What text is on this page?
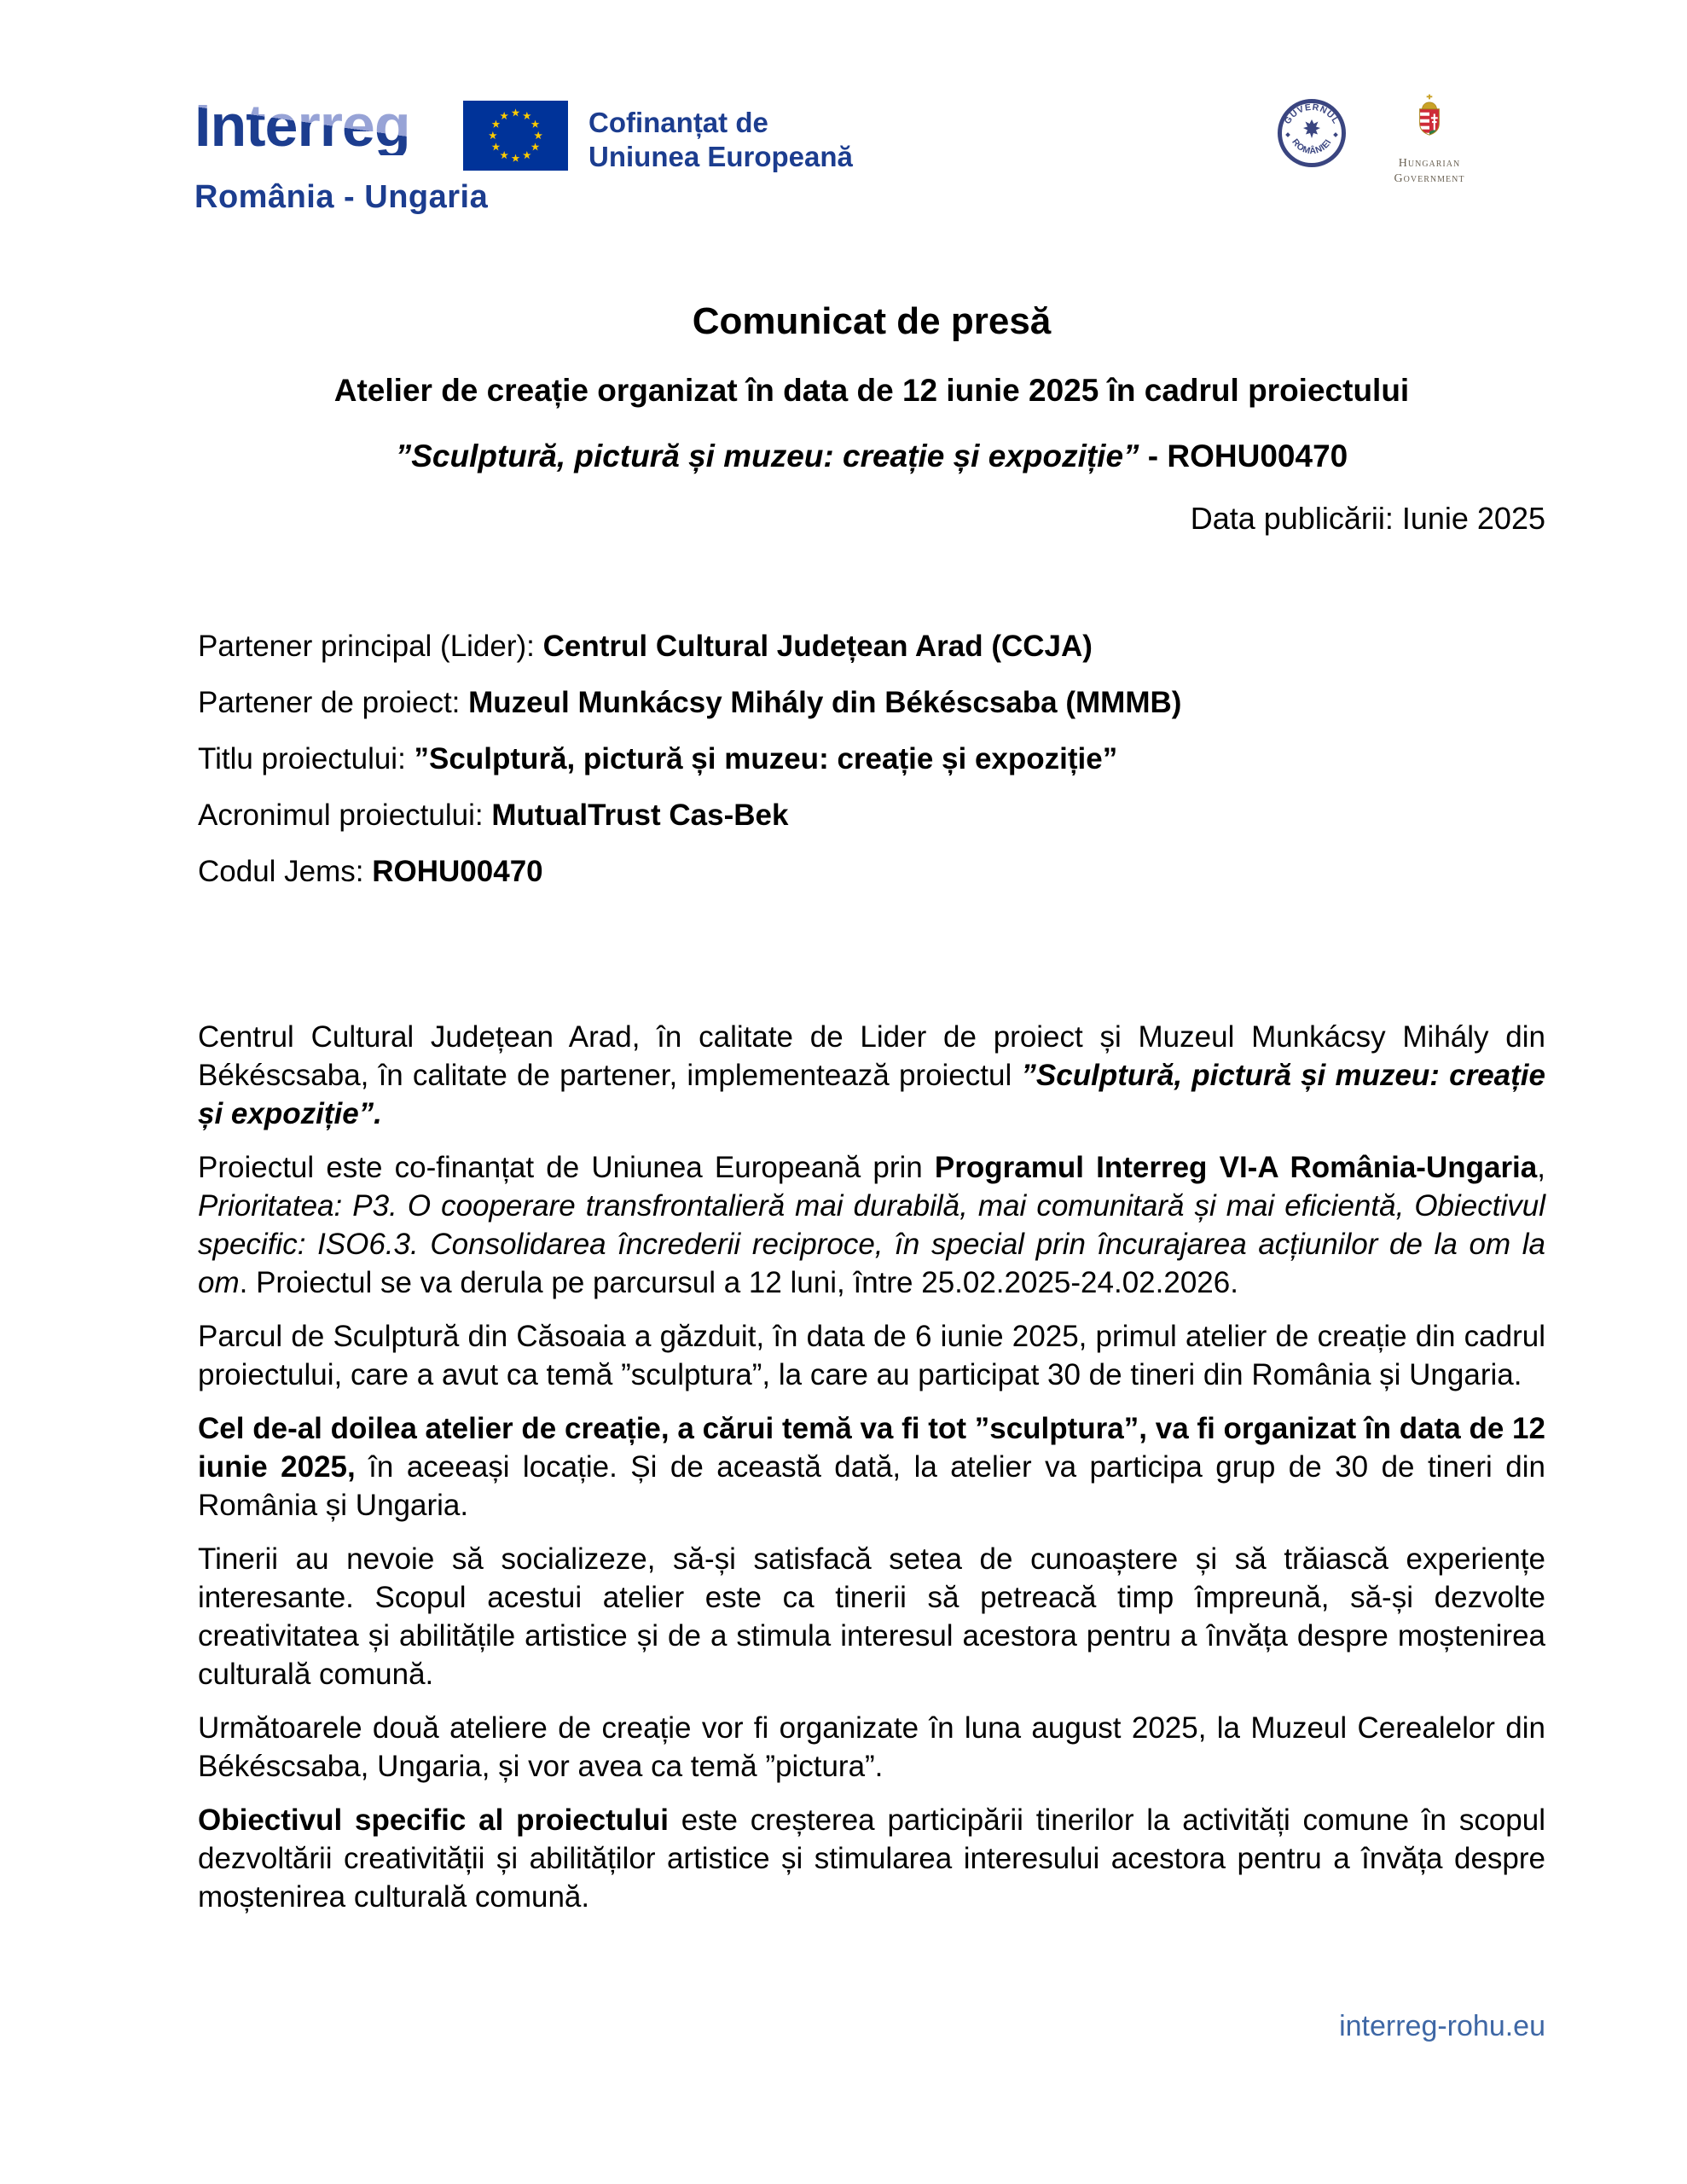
Interreg
România - Ungaria
Cofinanțat de
Uniunea Europeană
GUVERNUL
ROMÂNIEI
Hungarian
Government
Comunicat de presă
Atelier de creație organizat în data de 12 iunie 2025 în cadrul proiectului
”Sculptură, pictură și muzeu: creație și expoziție” - ROHU00470
Data publicării: Iunie 2025

Partener principal (Lider): Centrul Cultural Județean Arad (CCJA)

Partener de proiect: Muzeul Munkácsy Mihály din Békéscsaba (MMMB)

Titlu proiectului: ”Sculptură, pictură și muzeu: creație și expoziție”

Acronimul proiectului: MutualTrust Cas-Bek

Codul Jems: ROHU00470

Centrul Cultural Județean Arad, în calitate de Lider de proiect și Muzeul Munkácsy Mihály din Békéscsaba, în calitate de partener, implementează proiectul ”Sculptură, pictură și muzeu: creație și expoziție”.

Proiectul este co-finanțat de Uniunea Europeană prin Programul Interreg VI-A România-Ungaria, Prioritatea: P3. O cooperare transfrontalieră mai durabilă, mai comunitară și mai eficientă, Obiectivul specific: ISO6.3. Consolidarea încrederii reciproce, în special prin încurajarea acțiunilor de la om la om. Proiectul se va derula pe parcursul a 12 luni, între 25.02.2025-24.02.2026.

Parcul de Sculptură din Căsoaia a găzduit, în data de 6 iunie 2025, primul atelier de creație din cadrul proiectului, care a avut ca temă ”sculptura”, la care au participat 30 de tineri din România și Ungaria.

Cel de-al doilea atelier de creație, a cărui temă va fi tot ”sculptura”, va fi organizat în data de 12 iunie 2025, în aceeași locație. Și de această dată, la atelier va participa grup de 30 de tineri din România și Ungaria.

Tinerii au nevoie să socializeze, să-și satisfacă setea de cunoaștere și să trăiască experiențe interesante. Scopul acestui atelier este ca tinerii să petreacă timp împreună, să-și dezvolte creativitatea și abilitățile artistice și de a stimula interesul acestora pentru a învăța despre moștenirea culturală comună.

Următoarele două ateliere de creație vor fi organizate în luna august 2025, la Muzeul Cerealelor din Békéscsaba, Ungaria, și vor avea ca temă ”pictura”.

Obiectivul specific al proiectului este creșterea participării tinerilor la activități comune în scopul dezvoltării creativității și abilităților artistice și stimularea interesului acestora pentru a învăța despre moștenirea culturală comună.

interreg-rohu.eu
